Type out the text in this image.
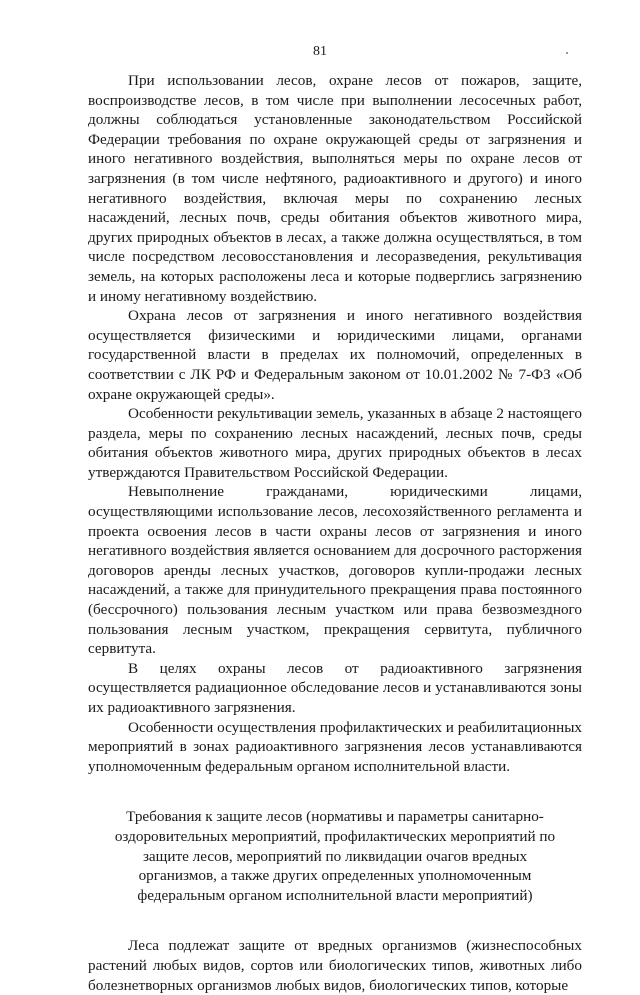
81

При использовании лесов, охране лесов от пожаров, защите, воспроизводстве лесов, в том числе при выполнении лесосечных работ, должны соблюдаться установленные законодательством Российской Федерации требования по охране окружающей среды от загрязнения и иного негативного воздействия, выполняться меры по охране лесов от загрязнения (в том числе нефтяного, радиоактивного и другого) и иного негативного воздействия, включая меры по сохранению лесных насаждений, лесных почв, среды обитания объектов животного мира, других природных объектов в лесах, а также должна осуществляться, в том числе посредством лесовосстановления и лесоразведения, рекультивация земель, на которых расположены леса и которые подверглись загрязнению и иному негативному воздействию.

Охрана лесов от загрязнения и иного негативного воздействия осуществляется физическими и юридическими лицами, органами государственной власти в пределах их полномочий, определенных в соответствии с ЛК РФ и Федеральным законом от 10.01.2002 № 7-ФЗ «Об охране окружающей среды».

Особенности рекультивации земель, указанных в абзаце 2 настоящего раздела, меры по сохранению лесных насаждений, лесных почв, среды обитания объектов животного мира, других природных объектов в лесах утверждаются Правительством Российской Федерации.

Невыполнение гражданами, юридическими лицами, осуществляющими использование лесов, лесохозяйственного регламента и проекта освоения лесов в части охраны лесов от загрязнения и иного негативного воздействия является основанием для досрочного расторжения договоров аренды лесных участков, договоров купли-продажи лесных насаждений, а также для принудительного прекращения права постоянного (бессрочного) пользования лесным участком или права безвозмездного пользования лесным участком, прекращения сервитута, публичного сервитута.

В целях охраны лесов от радиоактивного загрязнения осуществляется радиационное обследование лесов и устанавливаются зоны их радиоактивного загрязнения.

Особенности осуществления профилактических и реабилитационных мероприятий в зонах радиоактивного загрязнения лесов устанавливаются уполномоченным федеральным органом исполнительной власти.

Требования к защите лесов (нормативы и параметры санитарно-оздоровительных мероприятий, профилактических мероприятий по защите лесов, мероприятий по ликвидации очагов вредных организмов, а также других определенных уполномоченным федеральным органом исполнительной власти мероприятий)

Леса подлежат защите от вредных организмов (жизнеспособных растений любых видов, сортов или биологических типов, животных либо болезнетворных организмов любых видов, биологических типов, которые
